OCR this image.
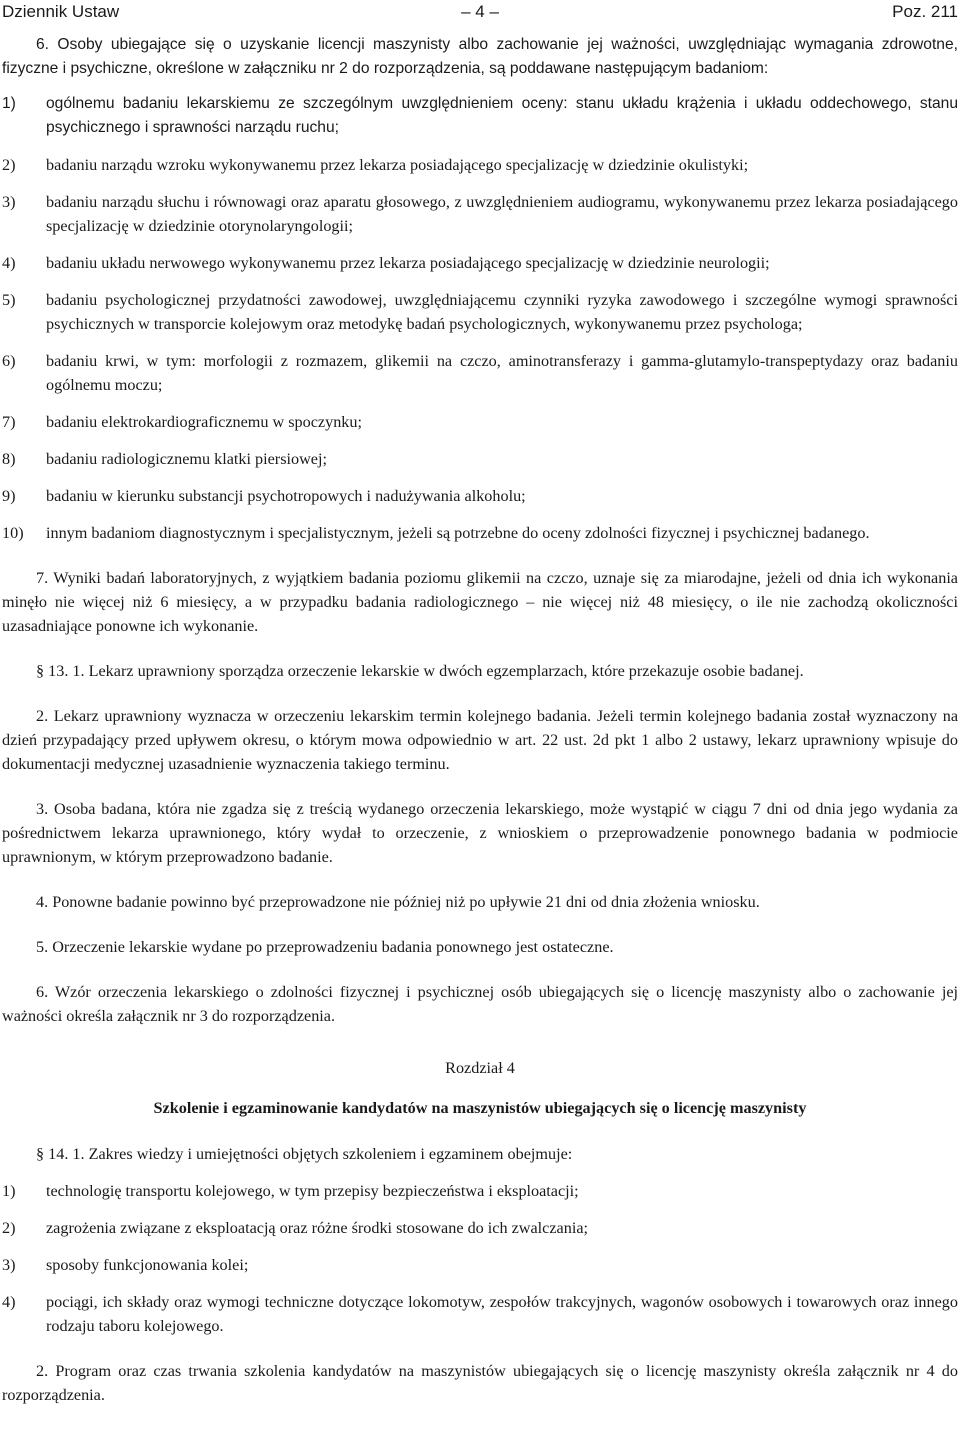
– 4 –
Dziennik Ustaw	Poz. 211

6. Osoby ubiegające się o uzyskanie licencji maszynisty albo zachowanie jej ważności, uwzględniając wymagania zdrowotne, fizyczne i psychiczne, określone w załączniku nr 2 do rozporządzenia, są poddawane następującym badaniom:

1) ogólnemu badaniu lekarskiemu ze szczególnym uwzględnieniem oceny: stanu układu krążenia i układu oddechowego, stanu psychicznego i sprawności narządu ruchu;
2) badaniu narządu wzroku wykonywanemu przez lekarza posiadającego specjalizację w dziedzinie okulistyki;
3) badaniu narządu słuchu i równowagi oraz aparatu głosowego, z uwzględnieniem audiogramu, wykonywanemu przez lekarza posiadającego specjalizację w dziedzinie otorynolaryngologii;
4) badaniu układu nerwowego wykonywanemu przez lekarza posiadającego specjalizację w dziedzinie neurologii;
5) badaniu psychologicznej przydatności zawodowej, uwzględniającemu czynniki ryzyka zawodowego i szczególne wymogi sprawności psychicznych w transporcie kolejowym oraz metodykę badań psychologicznych, wykonywanemu przez psychologa;
6) badaniu krwi, w tym: morfologii z rozmazem, glikemii na czczo, aminotransferazy i gamma-glutamylo-transpeptydazy oraz badaniu ogólnemu moczu;
7) badaniu elektrokardiograficznemu w spoczynku;
8) badaniu radiologicznemu klatki piersiowej;
9) badaniu w kierunku substancji psychotropowych i nadużywania alkoholu;
10) innym badaniom diagnostycznym i specjalistycznym, jeżeli są potrzebne do oceny zdolności fizycznej i psychicznej badanego.

7. Wyniki badań laboratoryjnych, z wyjątkiem badania poziomu glikemii na czczo, uznaje się za miarodajne, jeżeli od dnia ich wykonania minęło nie więcej niż 6 miesięcy, a w przypadku badania radiologicznego – nie więcej niż 48 miesięcy, o ile nie zachodzą okoliczności uzasadniające ponowne ich wykonanie.

§ 13. 1. Lekarz uprawniony sporządza orzeczenie lekarskie w dwóch egzemplarzach, które przekazuje osobie badanej.

2. Lekarz uprawniony wyznacza w orzeczeniu lekarskim termin kolejnego badania. Jeżeli termin kolejnego badania został wyznaczony na dzień przypadający przed upływem okresu, o którym mowa odpowiednio w art. 22 ust. 2d pkt 1 albo 2 ustawy, lekarz uprawniony wpisuje do dokumentacji medycznej uzasadnienie wyznaczenia takiego terminu.

3. Osoba badana, która nie zgadza się z treścią wydanego orzeczenia lekarskiego, może wystąpić w ciągu 7 dni od dnia jego wydania za pośrednictwem lekarza uprawnionego, który wydał to orzeczenie, z wnioskiem o przeprowadzenie ponownego badania w podmiocie uprawnionym, w którym przeprowadzono badanie.

4. Ponowne badanie powinno być przeprowadzone nie później niż po upływie 21 dni od dnia złożenia wniosku.

5. Orzeczenie lekarskie wydane po przeprowadzeniu badania ponownego jest ostateczne.

6. Wzór orzeczenia lekarskiego o zdolności fizycznej i psychicznej osób ubiegających się o licencję maszynisty albo o zachowanie jej ważności określa załącznik nr 3 do rozporządzenia.

Rozdział 4

Szkolenie i egzaminowanie kandydatów na maszynistów ubiegających się o licencję maszynisty

§ 14. 1. Zakres wiedzy i umiejętności objętych szkoleniem i egzaminem obejmuje:

1) technologię transportu kolejowego, w tym przepisy bezpieczeństwa i eksploatacji;
2) zagrożenia związane z eksploatacją oraz różne środki stosowane do ich zwalczania;
3) sposoby funkcjonowania kolei;
4) pociągi, ich składy oraz wymogi techniczne dotyczące lokomotyw, zespołów trakcyjnych, wagonów osobowych i towarowych oraz innego rodzaju taboru kolejowego.

2. Program oraz czas trwania szkolenia kandydatów na maszynistów ubiegających się o licencję maszynisty określa załącznik nr 4 do rozporządzenia.
